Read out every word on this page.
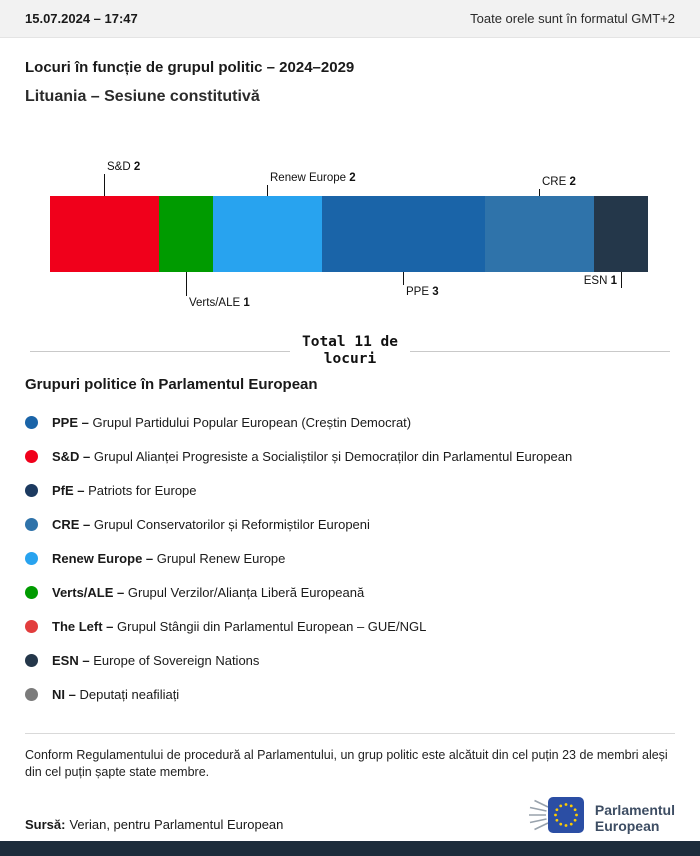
15.07.2024 – 17:47	Toate orele sunt în formatul GMT+2
Locuri în funcție de grupul politic – 2024–2029
Lituania – Sesiune constitutivă
S&D 2
Renew Europe 2	CRE 2
Verts/ALE 1
PPE 3
ESN 1
Total 11 de
locuri
Grupuri politice în Parlamentul European
PPE – Grupul Partidului Popular European (Creștin Democrat)
S&D – Grupul Alianței Progresiste a Socialiștilor și Democraților din Parlamentul European
PfE – Patriots for Europe
CRE – Grupul Conservatorilor și Reformiștilor Europeni
Renew Europe – Grupul Renew Europe
Verts/ALE – Grupul Verzilor/Alianța Liberă Europeană
The Left – Grupul Stângii din Parlamentul European – GUE/NGL
ESN – Europe of Sovereign Nations
NI – Deputați neafiliați

Conform Regulamentului de procedură al Parlamentului, un grup politic este alcătuit din cel puțin 23 de membri aleși din cel puțin șapte state membre.

Sursă: Verian, pentru Parlamentul European
Parlamentul
European
